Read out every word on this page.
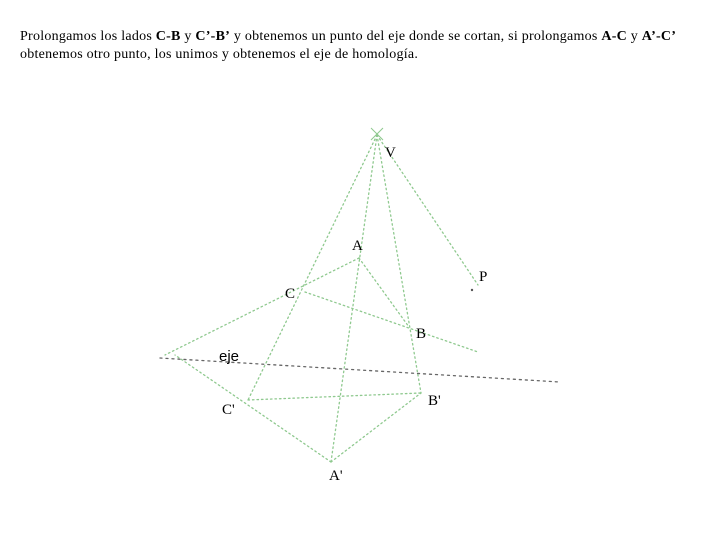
Prolongamos los lados C-B y C’-B’ y obtenemos un punto del eje donde se cortan, si prolongamos A-C y A’-C’ obtenemos otro punto, los unimos y obtenemos el eje de homología.
V
A
P
C
B
eje
C'
B'
A'
